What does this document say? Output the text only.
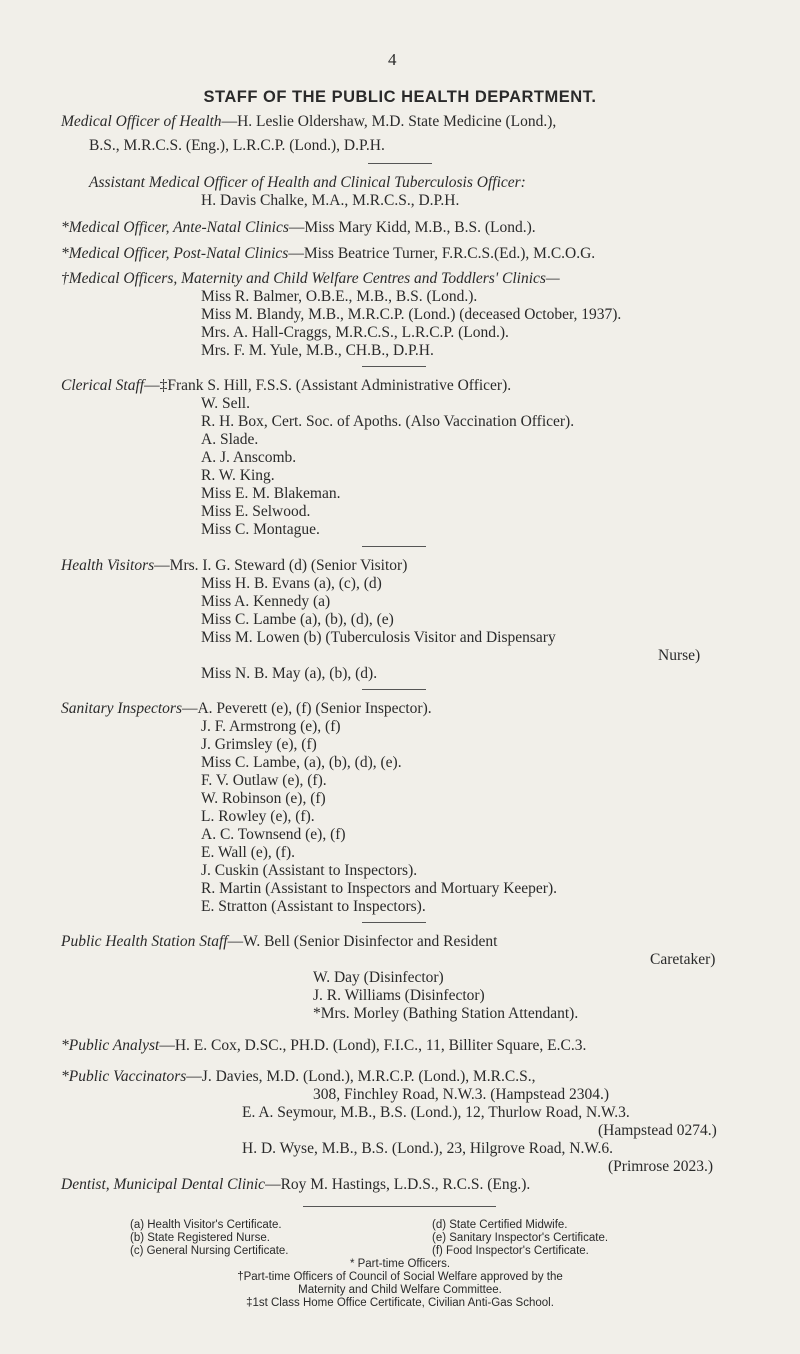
4
STAFF OF THE PUBLIC HEALTH DEPARTMENT.
Medical Officer of Health—H. Leslie Oldershaw, M.D. State Medicine (Lond.),
B.S., M.R.C.S. (Eng.), L.R.C.P. (Lond.), D.P.H.
Assistant Medical Officer of Health and Clinical Tuberculosis Officer:
H. Davis Chalke, M.A., M.R.C.S., D.P.H.
*Medical Officer, Ante-Natal Clinics—Miss Mary Kidd, M.B., B.S. (Lond.).
*Medical Officer, Post-Natal Clinics—Miss Beatrice Turner, F.R.C.S.(Ed.), M.C.O.G.
†Medical Officers, Maternity and Child Welfare Centres and Toddlers' Clinics—
Miss R. Balmer, O.B.E., M.B., B.S. (Lond.).
Miss M. Blandy, M.B., M.R.C.P. (Lond.) (deceased October, 1937).
Mrs. A. Hall-Craggs, M.R.C.S., L.R.C.P. (Lond.).
Mrs. F. M. Yule, M.B., CH.B., D.P.H.
Clerical Staff—‡Frank S. Hill, F.S.S. (Assistant Administrative Officer).
W. Sell.
R. H. Box, Cert. Soc. of Apoths. (Also Vaccination Officer).
A. Slade.
A. J. Anscomb.
R. W. King.
Miss E. M. Blakeman.
Miss E. Selwood.
Miss C. Montague.
Health Visitors—Mrs. I. G. Steward (d) (Senior Visitor)
Miss H. B. Evans (a), (c), (d)
Miss A. Kennedy (a)
Miss C. Lambe (a), (b), (d), (e)
Miss M. Lowen (b) (Tuberculosis Visitor and Dispensary
Nurse)
Miss N. B. May (a), (b), (d).
Sanitary Inspectors—A. Peverett (e), (f) (Senior Inspector).
J. F. Armstrong (e), (f)
J. Grimsley (e), (f)
Miss C. Lambe, (a), (b), (d), (e).
F. V. Outlaw (e), (f).
W. Robinson (e), (f)
L. Rowley (e), (f).
A. C. Townsend (e), (f)
E. Wall (e), (f).
J. Cuskin (Assistant to Inspectors).
R. Martin (Assistant to Inspectors and Mortuary Keeper).
E. Stratton (Assistant to Inspectors).
Public Health Station Staff—W. Bell (Senior Disinfector and Resident
Caretaker)
W. Day (Disinfector)
J. R. Williams (Disinfector)
*Mrs. Morley (Bathing Station Attendant).
*Public Analyst—H. E. Cox, D.SC., PH.D. (Lond), F.I.C., 11, Billiter Square, E.C.3.
*Public Vaccinators—J. Davies, M.D. (Lond.), M.R.C.P. (Lond.), M.R.C.S.,
308, Finchley Road, N.W.3. (Hampstead 2304.)
E. A. Seymour, M.B., B.S. (Lond.), 12, Thurlow Road, N.W.3.
(Hampstead 0274.)
H. D. Wyse, M.B., B.S. (Lond.), 23, Hilgrove Road, N.W.6.
(Primrose 2023.)
Dentist, Municipal Dental Clinic—Roy M. Hastings, L.D.S., R.C.S. (Eng.).
(a) Health Visitor's Certificate.	(d) State Certified Midwife.
(b) State Registered Nurse.	(e) Sanitary Inspector's Certificate.
(c) General Nursing Certificate.	(f) Food Inspector's Certificate.
* Part-time Officers.
†Part-time Officers of Council of Social Welfare approved by the
Maternity and Child Welfare Committee.
‡1st Class Home Office Certificate, Civilian Anti-Gas School.
